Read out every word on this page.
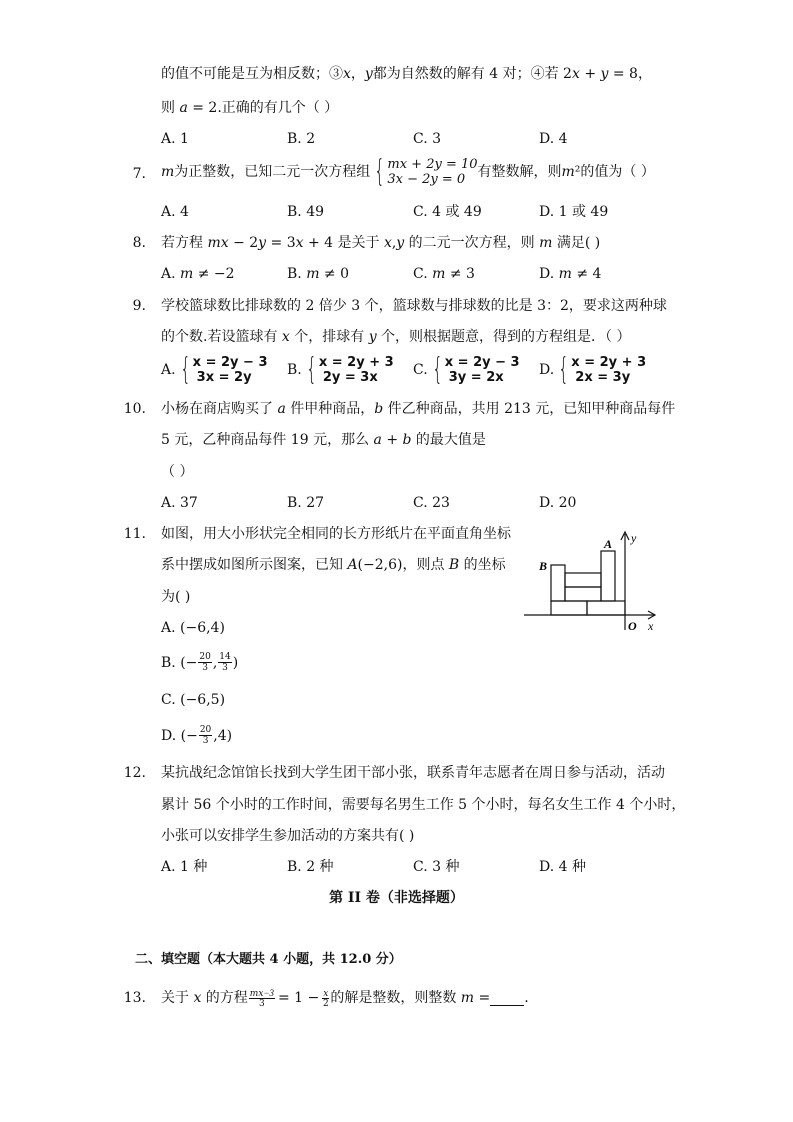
的值不可能是互为相反数；③𝑥，𝑦都为自然数的解有 4 对；④若 2𝑥 + 𝑦 = 8，
则 𝑎 = 2.正确的有几个（ ）
A. 1	B. 2	C. 3	D. 4
7. 𝑚为正整数，已知二元一次方程组 { 𝑚𝑥 + 2𝑦 = 10
3𝑥 − 2𝑦 = 0 有整数解，则𝑚²的值为（ ）
A. 4	B. 49	C. 4 或 49	D. 1 或 49
8. 若方程 𝑚𝑥 − 2𝑦 = 3𝑥 + 4 是关于 𝑥,𝑦 的二元一次方程，则 𝑚 满足( )
A. 𝑚 ≠ −2	B. 𝑚 ≠ 0	C. 𝑚 ≠ 3	D. 𝑚 ≠ 4
9. 学校篮球数比排球数的 2 倍少 3 个，篮球数与排球数的比是 3：2，要求这两种球
的个数.若设篮球有 𝑥 个，排球有 𝑦 个，则根据题意，得到的方程组是．（ ）
A. { x = 2y − 3
3x = 2y	B. { x = 2y + 3
2y = 3x	C. { x = 2y − 3
3y = 2x	D. { x = 2y + 3
2x = 3y
10. 小杨在商店购买了 𝑎 件甲种商品，𝑏 件乙种商品，共用 213 元，已知甲种商品每件
5 元，乙种商品每件 19 元，那么 𝑎 + 𝑏 的最大值是
（ ）
A. 37	B. 27	C. 23	D. 20
11. 如图，用大小形状完全相同的长方形纸片在平面直角坐标
系中摆成如图所示图案，已知 𝐴(−2,6)，则点 𝐵 的坐标
为( )
A. (−6,4)
B. (− $\frac{20}{3}$ , $\frac{14}{3}$ )
C. (−6,5)
D. (− $\frac{20}{3} ,4$)
A
B
O x
y
12. 某抗战纪念馆馆长找到大学生团干部小张，联系青年志愿者在周日参与活动，活动
累计 56 个小时的工作时间，需要每名男生工作 5 个小时，每名女生工作 4 个小时，
小张可以安排学生参加活动的方案共有( )
A. 1 种	B. 2 种	C. 3 种	D. 4 种
第 II 卷（非选择题）
二、填空题（本大题共 4 小题，共 12.0 分）
13. 关于 𝑥 的方程 $\frac{\text{𝑚𝑥−3}}{3} = 1 - \frac{\text{𝑥}}{2}$ 的解是整数，则整数 𝑚 = .
